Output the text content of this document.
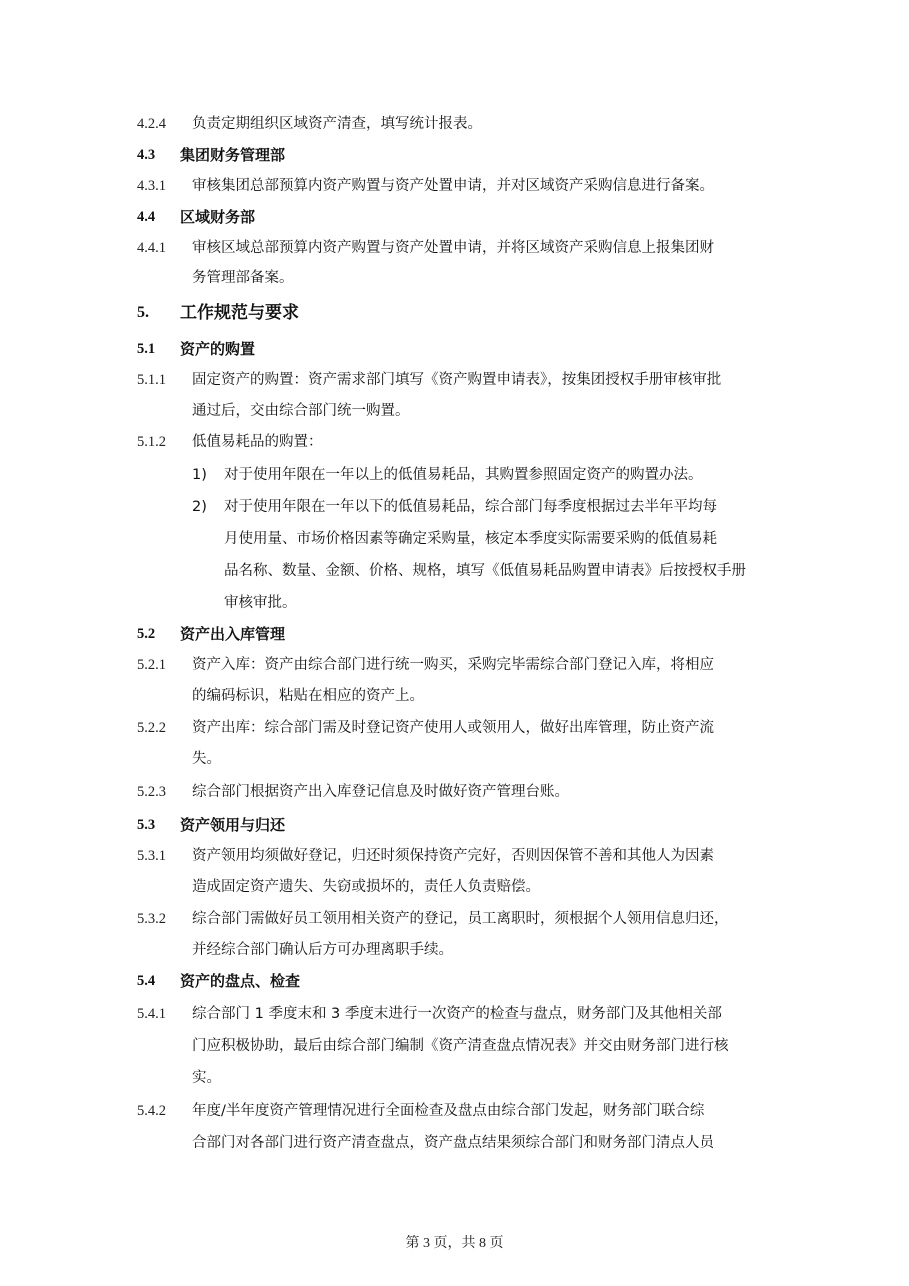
4.2.4 负责定期组织区域资产清查，填写统计报表。
4.3 集团财务管理部
4.3.1 审核集团总部预算内资产购置与资产处置申请，并对区域资产采购信息进行备案。
4.4 区域财务部
4.4.1 审核区域总部预算内资产购置与资产处置申请，并将区域资产采购信息上报集团财
务管理部备案。
5. 工作规范与要求
5.1 资产的购置
5.1.1 固定资产的购置：资产需求部门填写《资产购置申请表》，按集团授权手册审核审批
通过后，交由综合部门统一购置。
5.1.2 低值易耗品的购置：
1) 对于使用年限在一年以上的低值易耗品，其购置参照固定资产的购置办法。
2) 对于使用年限在一年以下的低值易耗品，综合部门每季度根据过去半年平均每
月使用量、市场价格因素等确定采购量，核定本季度实际需要采购的低值易耗
品名称、数量、金额、价格、规格，填写《低值易耗品购置申请表》后按授权手册
审核审批。
5.2 资产出入库管理
5.2.1 资产入库：资产由综合部门进行统一购买，采购完毕需综合部门登记入库，将相应
的编码标识，粘贴在相应的资产上。
5.2.2 资产出库：综合部门需及时登记资产使用人或领用人，做好出库管理，防止资产流
失。
5.2.3 综合部门根据资产出入库登记信息及时做好资产管理台账。
5.3 资产领用与归还
5.3.1 资产领用均须做好登记，归还时须保持资产完好，否则因保管不善和其他人为因素
造成固定资产遗失、失窃或损坏的，责任人负责赔偿。
5.3.2 综合部门需做好员工领用相关资产的登记，员工离职时，须根据个人领用信息归还，
并经综合部门确认后方可办理离职手续。
5.4 资产的盘点、检查
5.4.1 综合部门 1 季度末和 3 季度末进行一次资产的检查与盘点，财务部门及其他相关部
门应积极协助，最后由综合部门编制《资产清查盘点情况表》并交由财务部门进行核
实。
5.4.2 年度/半年度资产管理情况进行全面检查及盘点由综合部门发起，财务部门联合综
合部门对各部门进行资产清查盘点，资产盘点结果须综合部门和财务部门清点人员
第 3 页，共 8 页
